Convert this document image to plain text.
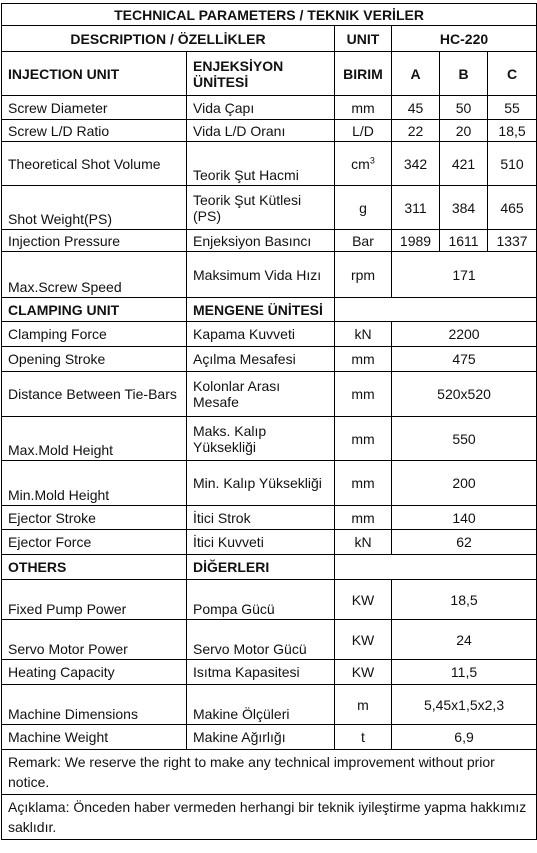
TECHNICAL PARAMETERS / TEKNIK VERİLER					
DESCRIPTION / ÖZELLİKLER		UNIT	HC-220		
INJECTION UNIT	ENJEKSİYON ÜNİTESİ	BIRIM	A	B	C
Screw Diameter	Vida Çapı	mm	45	50	55
Screw L/D Ratio	Vida L/D Oranı	L/D	22	20	18,5
Theoretical Shot Volume	Teorik Şut Hacmi	$cm^3$	342	421	510
Shot Weight(PS)	Teorik Şut Kütlesi (PS)	g	311	384	465
Injection Pressure	Enjeksiyon Basıncı	Bar	1989	1611	1337
Max.Screw Speed	Maksimum Vida Hızı	rpm	171		
CLAMPING UNIT	MENGENE ÜNİTESİ				
Clamping Force	Kapama Kuvveti	kN	2200		
Opening Stroke	Açılma Mesafesi	mm	475		
Distance Between Tie-Bars	Kolonlar Arası Mesafe	mm	520x520		
Max.Mold Height	Maks. Kalıp Yüksekliği	mm	550		
Min.Mold Height	Min. Kalıp Yüksekliği	mm	200		
Ejector Stroke	İtici Strok	mm	140		
Ejector Force	İtici Kuvveti	kN	62		
OTHERS	DİĞERLERI				
Fixed Pump Power	Pompa Gücü	KW	18,5		
Servo Motor Power	Servo Motor Gücü	KW	24		
Heating Capacity	Isıtma Kapasitesi	KW	11,5		
Machine Dimensions	Makine Ölçüleri	m	5,45x1,5x2,3		
Machine Weight	Makine Ağırlığı	t	6,9		
Remark: We reserve the right to make any technical improvement without prior notice.					
Açıklama: Önceden haber vermeden herhangi bir teknik iyileştirme yapma hakkımız saklıdır.					
